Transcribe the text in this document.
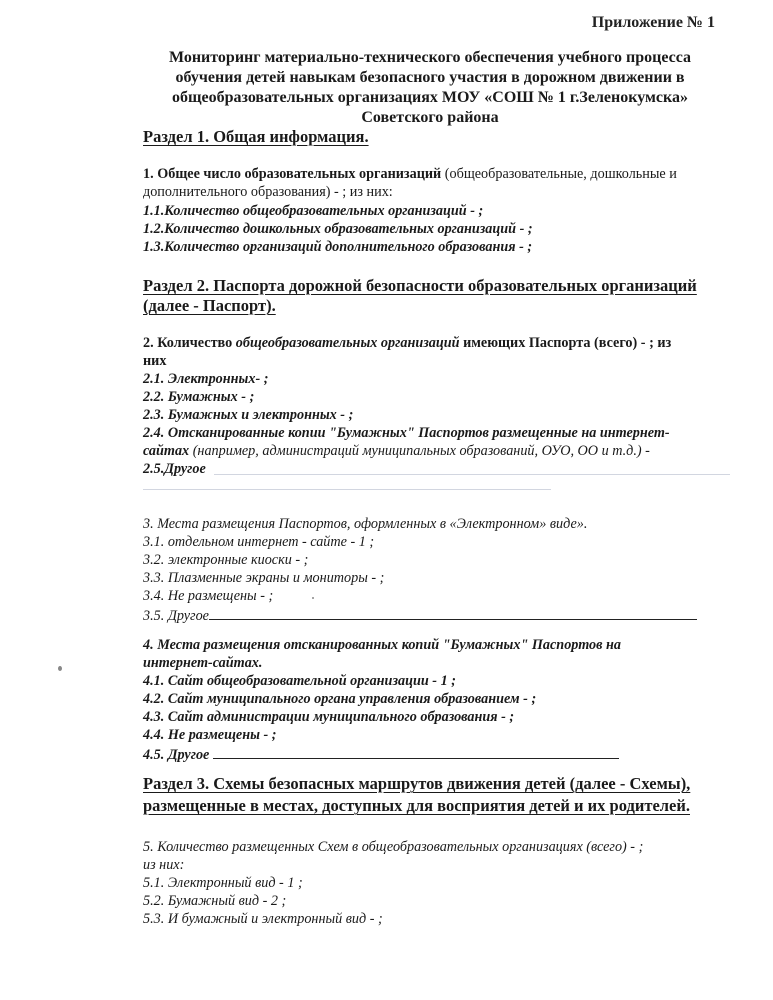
Приложение № 1
Мониторинг материально-технического обеспечения учебного процесса
обучения детей навыкам безопасного участия в дорожном движении в
общеобразовательных организациях МОУ «СОШ № 1 г.Зеленокумска»
Советского района
Раздел 1. Общая информация.
1. Общее число образовательных организаций (общеобразовательные, дошкольные и
дополнительного образования) - ; из них:
1.1.Количество общеобразовательных организаций - ;
1.2.Количество дошкольных образовательных организаций - ;
1.3.Количество организаций дополнительного образования - ;
Раздел 2. Паспорта дорожной безопасности образовательных организаций
(далее - Паспорт).
2. Количество общеобразовательных организаций имеющих Паспорта (всего) - ; из
них
2.1. Электронных- ;
2.2. Бумажных - ;
2.3. Бумажных и электронных - ;
2.4. Отсканированные копии "Бумажных" Паспортов размещенные на интернет-
сайтах (например, администраций муниципальных образований, ОУО, ОО и т.д.) -
2.5.Другое
3. Места размещения Паспортов, оформленных в «Электронном» виде».
3.1. отдельном интернет - сайте - 1 ;
3.2. электронные киоски - ;
3.3. Плазменные экраны и мониторы - ;
3.4. Не размещены - ;
3.5. Другое
4. Места размещения отсканированных копий "Бумажных" Паспортов на
интернет-сайтах.
4.1. Сайт общеобразовательной организации - 1 ;
4.2. Сайт муниципального органа управления образованием - ;
4.3. Сайт администрации муниципального образования - ;
4.4. Не размещены - ;
4.5. Другое
Раздел 3. Схемы безопасных маршрутов движения детей (далее - Схемы),
размещенные в местах, доступных для восприятия детей и их родителей.
5. Количество размещенных Схем в общеобразовательных организациях (всего) - ;
из них:
5.1. Электронный вид - 1 ;
5.2. Бумажный вид - 2 ;
5.3. И бумажный и электронный вид - ;
